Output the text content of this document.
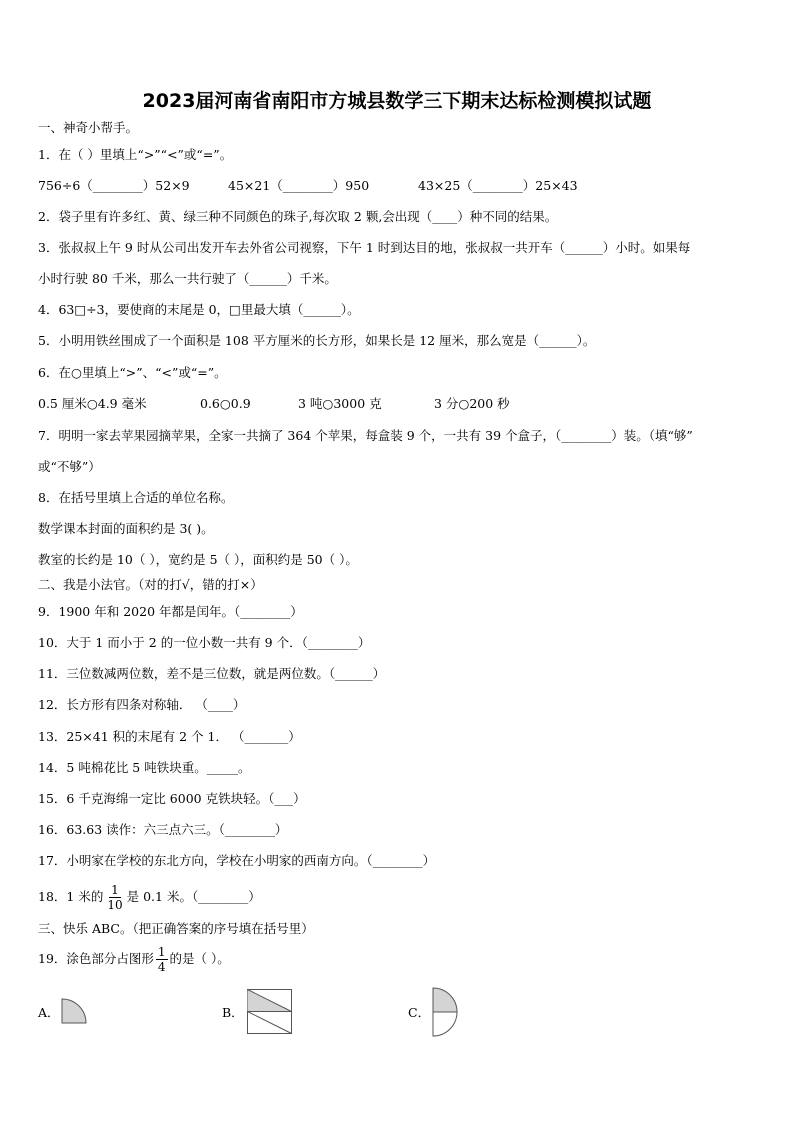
2023届河南省南阳市方城县数学三下期末达标检测模拟试题
一、神奇小帮手。
1．在（ ）里填上“>”“<”或“=”。
756÷6（________）52×9	45×21（________）950	43×25（________）25×43
2．袋子里有许多红、黄、绿三种不同颜色的珠子,每次取 2 颗,会出现（____）种不同的结果。
3．张叔叔上午 9 时从公司出发开车去外省公司视察，下午 1 时到达目的地，张叔叔一共开车（______）小时。如果每
小时行驶 80 千米，那么一共行驶了（______）千米。
4．63□÷3，要使商的末尾是 0，□里最大填（______）。
5．小明用铁丝围成了一个面积是 108 平方厘米的长方形，如果长是 12 厘米，那么宽是（______）。
6．在○里填上“>”、“<”或“=”。
0.5 厘米○4.9 毫米	0.6○0.9	3 吨○3000 克	3 分○200 秒
7．明明一家去苹果园摘苹果，全家一共摘了 364 个苹果，每盒装 9 个，一共有 39 个盒子，（________）装。（填“够”
或“不够”）
8．在括号里填上合适的单位名称。
数学课本封面的面积约是 3( )。
教室的长约是 10（ ），宽约是 5（ ），面积约是 50（ ）。
二、我是小法官。（对的打√，错的打×）
9．1900 年和 2020 年都是闰年。（________）
10．大于 1 而小于 2 的一位小数一共有 9 个．（________）
11．三位数减两位数，差不是三位数，就是两位数。（______）
12．长方形有四条对称轴． （____）
13．25×41 积的末尾有 2 个 1． （_______）
14．5 吨棉花比 5 吨铁块重。_____。
15．6 千克海绵一定比 6000 克铁块轻。（___）
16．63.63 读作：六三点六三。（________）
17．小明家在学校的东北方向，学校在小明家的西南方向。（________）
18．1 米的 $\frac{1}{10}$ 是 0.1 米。（________）
三、快乐 ABC。（把正确答案的序号填在括号里）
19．涂色部分占图形 $\frac{1}{4}$ 的是（ ）。
A．	B．	C．
